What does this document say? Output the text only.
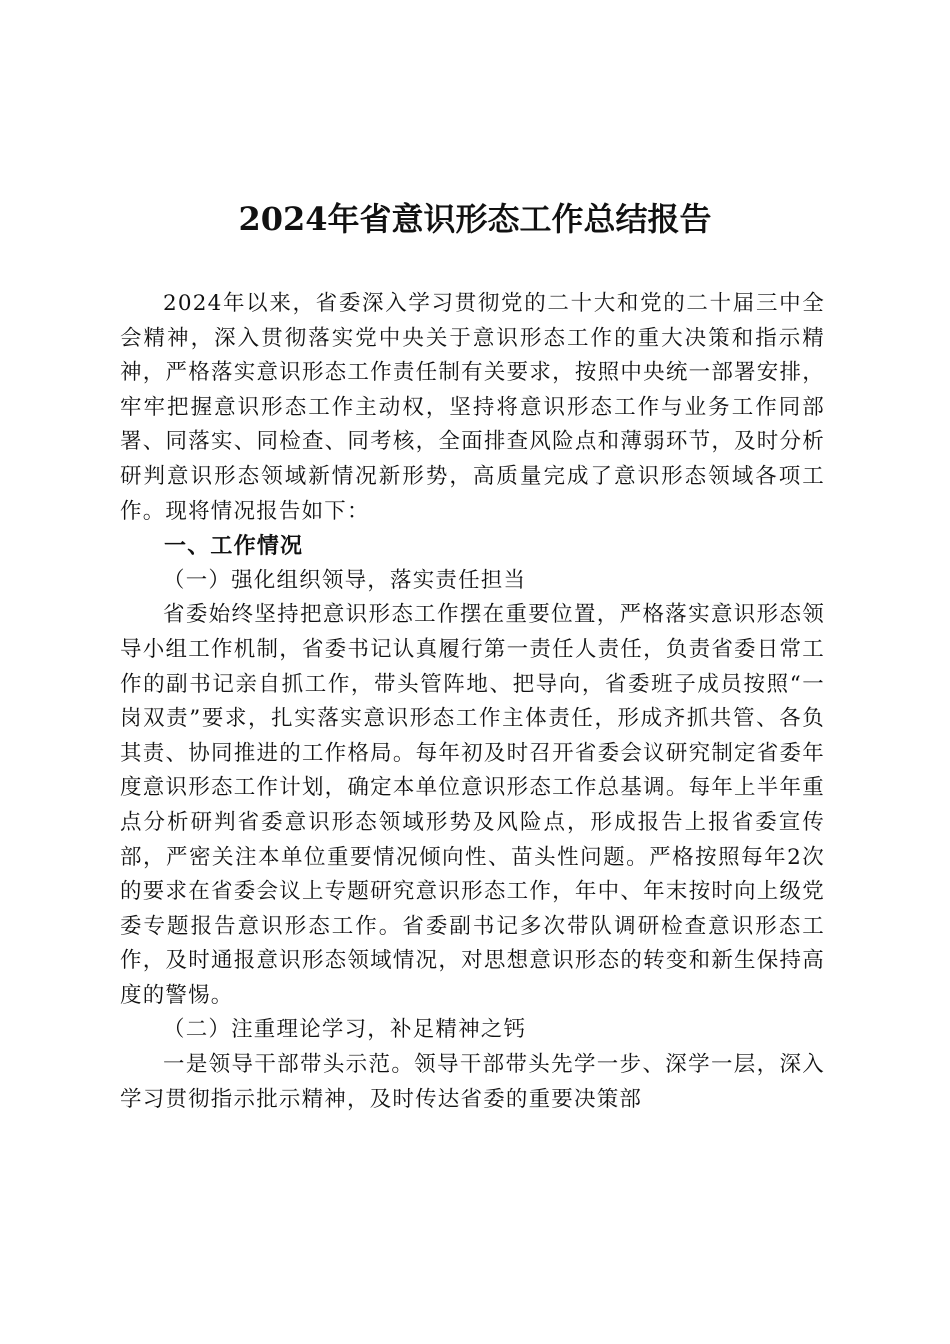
2024年省意识形态工作总结报告

2024年以来，省委深入学习贯彻党的二十大和党的二十届三中全会精神，深入贯彻落实党中央关于意识形态工作的重大决策和指示精神，严格落实意识形态工作责任制有关要求，按照中央统一部署安排，牢牢把握意识形态工作主动权，坚持将意识形态工作与业务工作同部署、同落实、同检查、同考核，全面排查风险点和薄弱环节，及时分析研判意识形态领域新情况新形势，高质量完成了意识形态领域各项工作。现将情况报告如下：

一、工作情况
（一）强化组织领导，落实责任担当

省委始终坚持把意识形态工作摆在重要位置，严格落实意识形态领导小组工作机制，省委书记认真履行第一责任人责任，负责省委日常工作的副书记亲自抓工作，带头管阵地、把导向，省委班子成员按照“一岗双责”要求，扎实落实意识形态工作主体责任，形成齐抓共管、各负其责、协同推进的工作格局。每年初及时召开省委会议研究制定省委年度意识形态工作计划，确定本单位意识形态工作总基调。每年上半年重点分析研判省委意识形态领域形势及风险点，形成报告上报省委宣传部，严密关注本单位重要情况倾向性、苗头性问题。严格按照每年2次的要求在省委会议上专题研究意识形态工作，年中、年末按时向上级党委专题报告意识形态工作。省委副书记多次带队调研检查意识形态工作，及时通报意识形态领域情况，对思想意识形态的转变和新生保持高度的警惕。

（二）注重理论学习，补足精神之钙

一是领导干部带头示范。领导干部带头先学一步、深学一层，深入学习贯彻指示批示精神，及时传达省委的重要决策部
